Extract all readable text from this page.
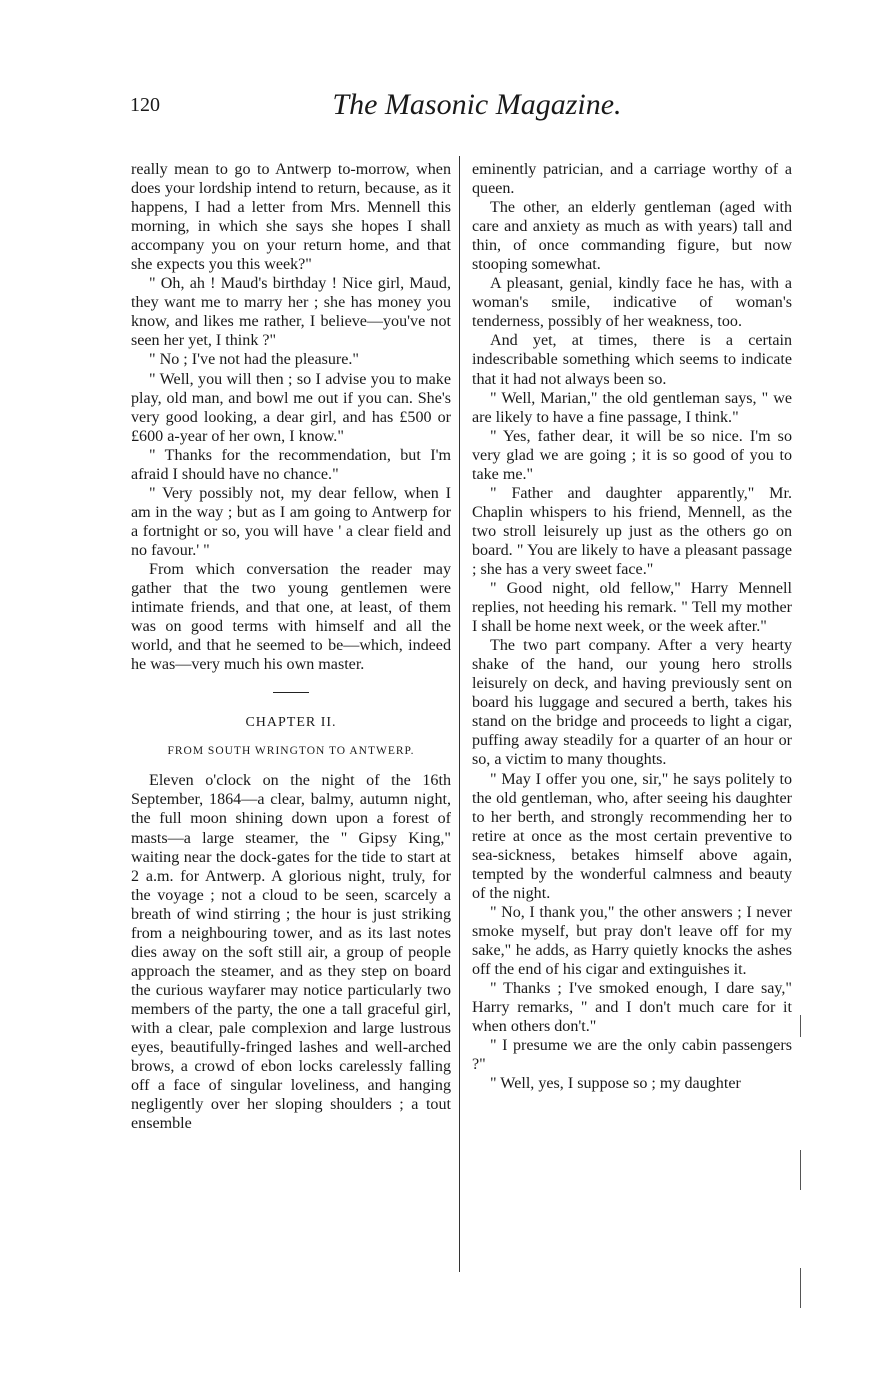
120	The Masonic Magazine.

really mean to go to Antwerp to-morrow, when does your lordship intend to return, because, as it happens, I had a letter from Mrs. Mennell this morning, in which she says she hopes I shall accompany you on your return home, and that she expects you this week?"

" Oh, ah ! Maud's birthday ! Nice girl, Maud, they want me to marry her ; she has money you know, and likes me rather, I believe—you've not seen her yet, I think ?"

" No ; I've not had the pleasure."

" Well, you will then ; so I advise you to make play, old man, and bowl me out if you can. She's very good looking, a dear girl, and has £500 or £600 a-year of her own, I know."

" Thanks for the recommendation, but I'm afraid I should have no chance."

" Very possibly not, my dear fellow, when I am in the way ; but as I am going to Antwerp for a fortnight or so, you will have ' a clear field and no favour.' "

From which conversation the reader may gather that the two young gentlemen were intimate friends, and that one, at least, of them was on good terms with himself and all the world, and that he seemed to be—which, indeed he was—very much his own master.

CHAPTER II.
FROM SOUTH WRINGTON TO ANTWERP.

Eleven o'clock on the night of the 16th September, 1864—a clear, balmy, autumn night, the full moon shining down upon a forest of masts—a large steamer, the " Gipsy King," waiting near the dock-gates for the tide to start at 2 a.m. for Antwerp. A glorious night, truly, for the voyage ; not a cloud to be seen, scarcely a breath of wind stirring ; the hour is just striking from a neighbouring tower, and as its last notes dies away on the soft still air, a group of people approach the steamer, and as they step on board the curious wayfarer may notice particularly two members of the party, the one a tall graceful girl, with a clear, pale complexion and large lustrous eyes, beautifully-fringed lashes and well-arched brows, a crowd of ebon locks carelessly falling off a face of singular loveliness, and hanging negligently over her sloping shoulders ; a tout ensemble

eminently patrician, and a carriage worthy of a queen.

The other, an elderly gentleman (aged with care and anxiety as much as with years) tall and thin, of once commanding figure, but now stooping somewhat.

A pleasant, genial, kindly face he has, with a woman's smile, indicative of woman's tenderness, possibly of her weakness, too.

And yet, at times, there is a certain indescribable something which seems to indicate that it had not always been so.

" Well, Marian," the old gentleman says, " we are likely to have a fine passage, I think."

" Yes, father dear, it will be so nice. I'm so very glad we are going ; it is so good of you to take me."

" Father and daughter apparently," Mr. Chaplin whispers to his friend, Mennell, as the two stroll leisurely up just as the others go on board. " You are likely to have a pleasant passage ; she has a very sweet face."

" Good night, old fellow," Harry Mennell replies, not heeding his remark. " Tell my mother I shall be home next week, or the week after."

The two part company. After a very hearty shake of the hand, our young hero strolls leisurely on deck, and having previously sent on board his luggage and secured a berth, takes his stand on the bridge and proceeds to light a cigar, puffing away steadily for a quarter of an hour or so, a victim to many thoughts.

" May I offer you one, sir," he says politely to the old gentleman, who, after seeing his daughter to her berth, and strongly recommending her to retire at once as the most certain preventive to sea-sickness, betakes himself above again, tempted by the wonderful calmness and beauty of the night.

" No, I thank you," the other answers ; I never smoke myself, but pray don't leave off for my sake," he adds, as Harry quietly knocks the ashes off the end of his cigar and extinguishes it.

" Thanks ; I've smoked enough, I dare say," Harry remarks, " and I don't much care for it when others don't."

" I presume we are the only cabin passengers ?"

" Well, yes, I suppose so ; my daughter
